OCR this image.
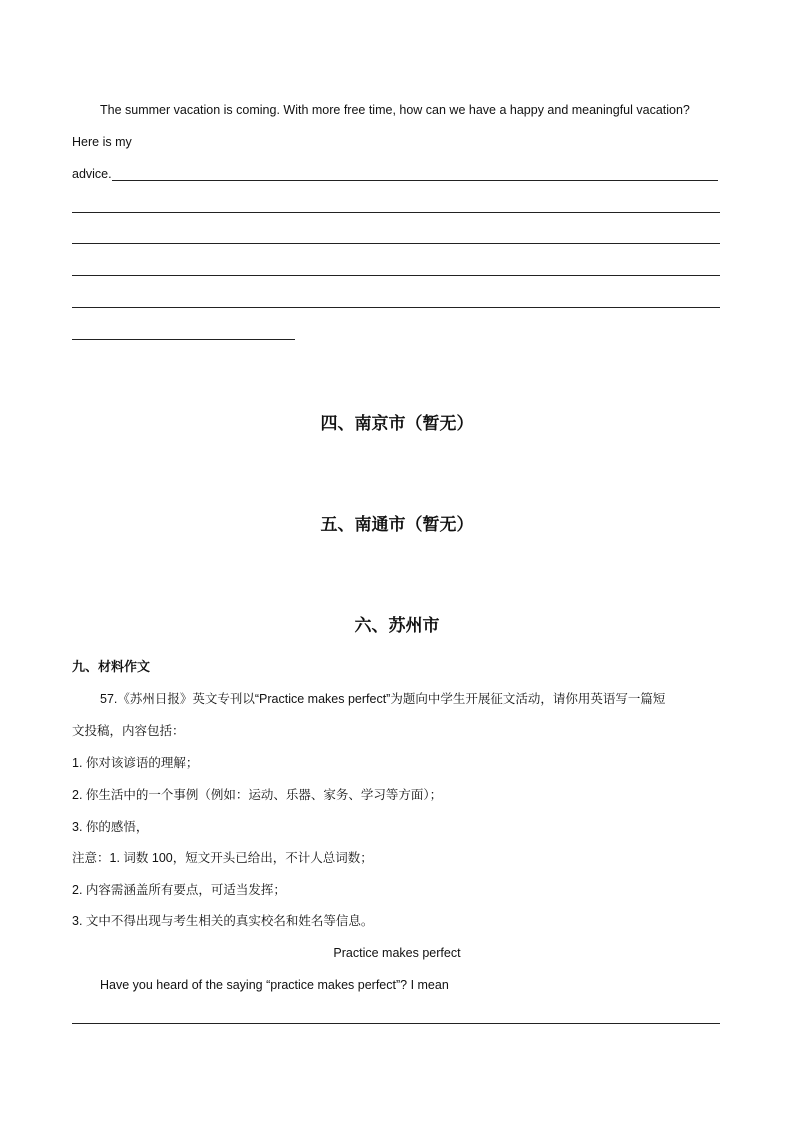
The summer vacation is coming. With more free time, how can we have a happy and meaningful vacation?
Here is my
advice.
四、南京市（暂无）
五、南通市（暂无）
六、苏州市
九、材料作文
57.《苏州日报》英文专刊以“Practice makes perfect”为题向中学生开展征文活动，请你用英语写一篇短
文投稿，内容包括：
1. 你对该谚语的理解；
2. 你生活中的一个事例（例如：运动、乐器、家务、学习等方面）；
3. 你的感悟，
注意：1. 词数 100，短文开头已给出，不计人总词数；
2. 内容需涵盖所有要点，可适当发挥；
3. 文中不得出现与考生相关的真实校名和姓名等信息。
Practice makes perfect
Have you heard of the saying “practice makes perfect”? I mean
